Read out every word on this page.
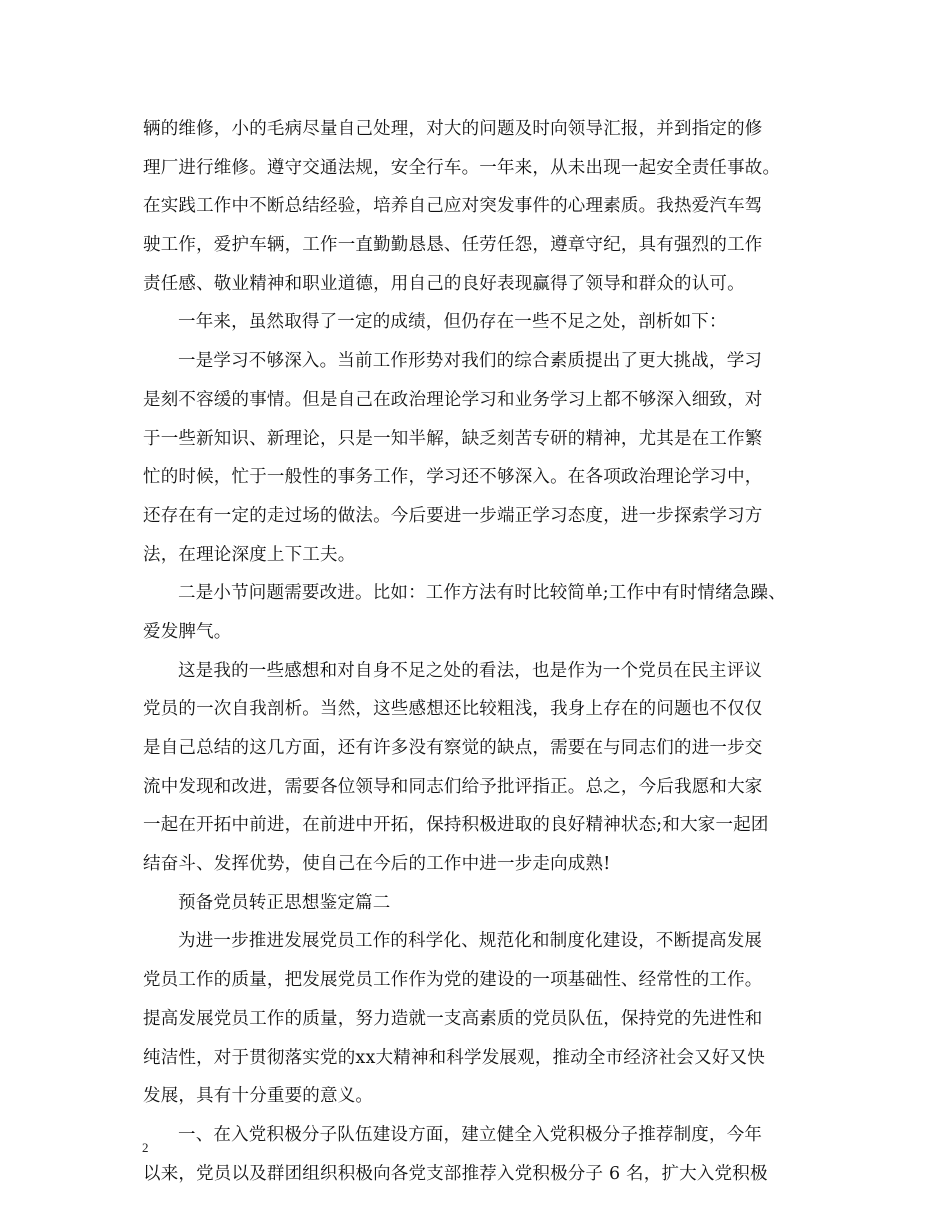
辆的维修，小的毛病尽量自己处理，对大的问题及时向领导汇报，并到指定的修
理厂进行维修。遵守交通法规，安全行车。一年来，从未出现一起安全责任事故。
在实践工作中不断总结经验，培养自己应对突发事件的心理素质。我热爱汽车驾
驶工作，爱护车辆，工作一直勤勤恳恳、任劳任怨，遵章守纪，具有强烈的工作
责任感、敬业精神和职业道德，用自己的良好表现赢得了领导和群众的认可。
一年来，虽然取得了一定的成绩，但仍存在一些不足之处，剖析如下：
一是学习不够深入。当前工作形势对我们的综合素质提出了更大挑战，学习
是刻不容缓的事情。但是自己在政治理论学习和业务学习上都不够深入细致，对
于一些新知识、新理论，只是一知半解，缺乏刻苦专研的精神，尤其是在工作繁
忙的时候，忙于一般性的事务工作，学习还不够深入。在各项政治理论学习中，
还存在有一定的走过场的做法。今后要进一步端正学习态度，进一步探索学习方
法，在理论深度上下工夫。
二是小节问题需要改进。比如：工作方法有时比较简单;工作中有时情绪急躁、
爱发脾气。
这是我的一些感想和对自身不足之处的看法，也是作为一个党员在民主评议
党员的一次自我剖析。当然，这些感想还比较粗浅，我身上存在的问题也不仅仅
是自己总结的这几方面，还有许多没有察觉的缺点，需要在与同志们的进一步交
流中发现和改进，需要各位领导和同志们给予批评指正。总之，今后我愿和大家
一起在开拓中前进，在前进中开拓，保持积极进取的良好精神状态;和大家一起团
结奋斗、发挥优势，使自己在今后的工作中进一步走向成熟!
预备党员转正思想鉴定篇二
为进一步推进发展党员工作的科学化、规范化和制度化建设，不断提高发展
党员工作的质量，把发展党员工作作为党的建设的一项基础性、经常性的工作。
提高发展党员工作的质量，努力造就一支高素质的党员队伍，保持党的先进性和
纯洁性，对于贯彻落实党的xx大精神和科学发展观，推动全市经济社会又好又快
发展，具有十分重要的意义。
一、在入党积极分子队伍建设方面，建立健全入党积极分子推荐制度，今年
以来，党员以及群团组织积极向各党支部推荐入党积极分子 6 名，扩大入党积极
2
